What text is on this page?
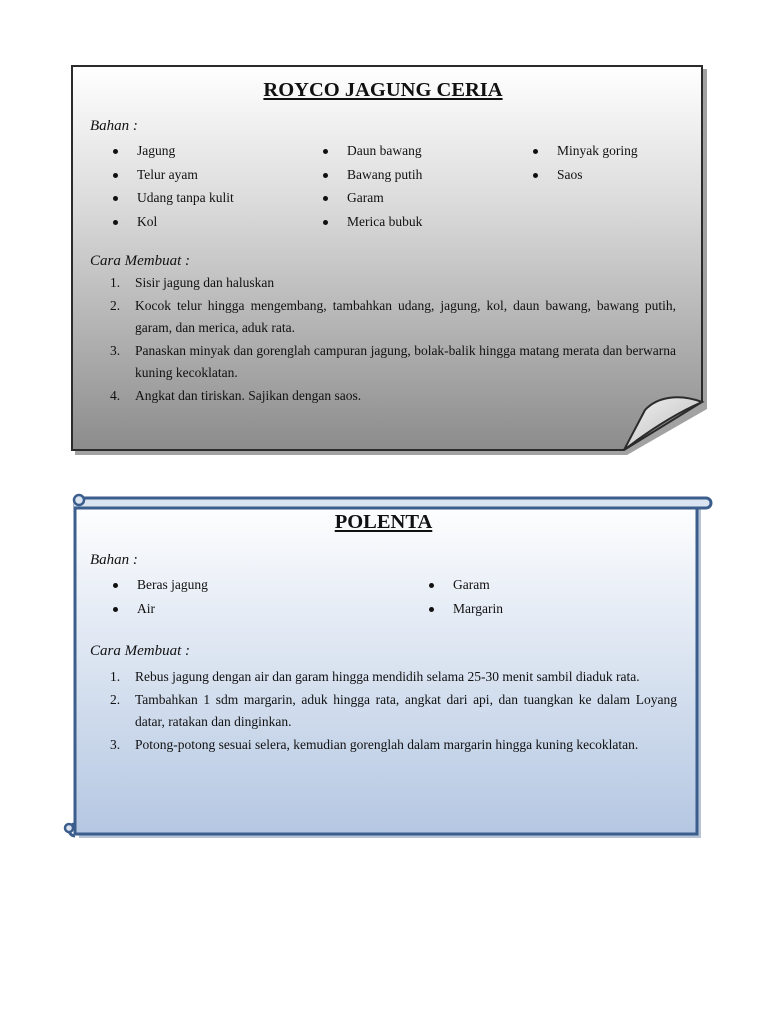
ROYCO JAGUNG CERIA

Bahan :

Jagung
Telur ayam
Udang tanpa kulit
Kol
Daun bawang
Bawang putih
Garam
Merica bubuk
Minyak goring
Saos

Cara Membuat :

1. Sisir jagung dan haluskan
2. Kocok telur hingga mengembang, tambahkan udang, jagung, kol, daun bawang, bawang putih, garam, dan merica, aduk rata.
3. Panaskan minyak dan gorenglah campuran jagung, bolak-balik hingga matang merata dan berwarna kuning kecoklatan.
4. Angkat dan tiriskan. Sajikan dengan saos.
POLENTA

Bahan :

Beras jagung
Air
Garam
Margarin

Cara Membuat :

1. Rebus jagung dengan air dan garam hingga mendidih selama 25-30 menit sambil diaduk rata.
2. Tambahkan 1 sdm margarin, aduk hingga rata, angkat dari api, dan tuangkan ke dalam Loyang datar, ratakan dan dinginkan.
3. Potong-potong sesuai selera, kemudian gorenglah dalam margarin hingga kuning kecoklatan.
